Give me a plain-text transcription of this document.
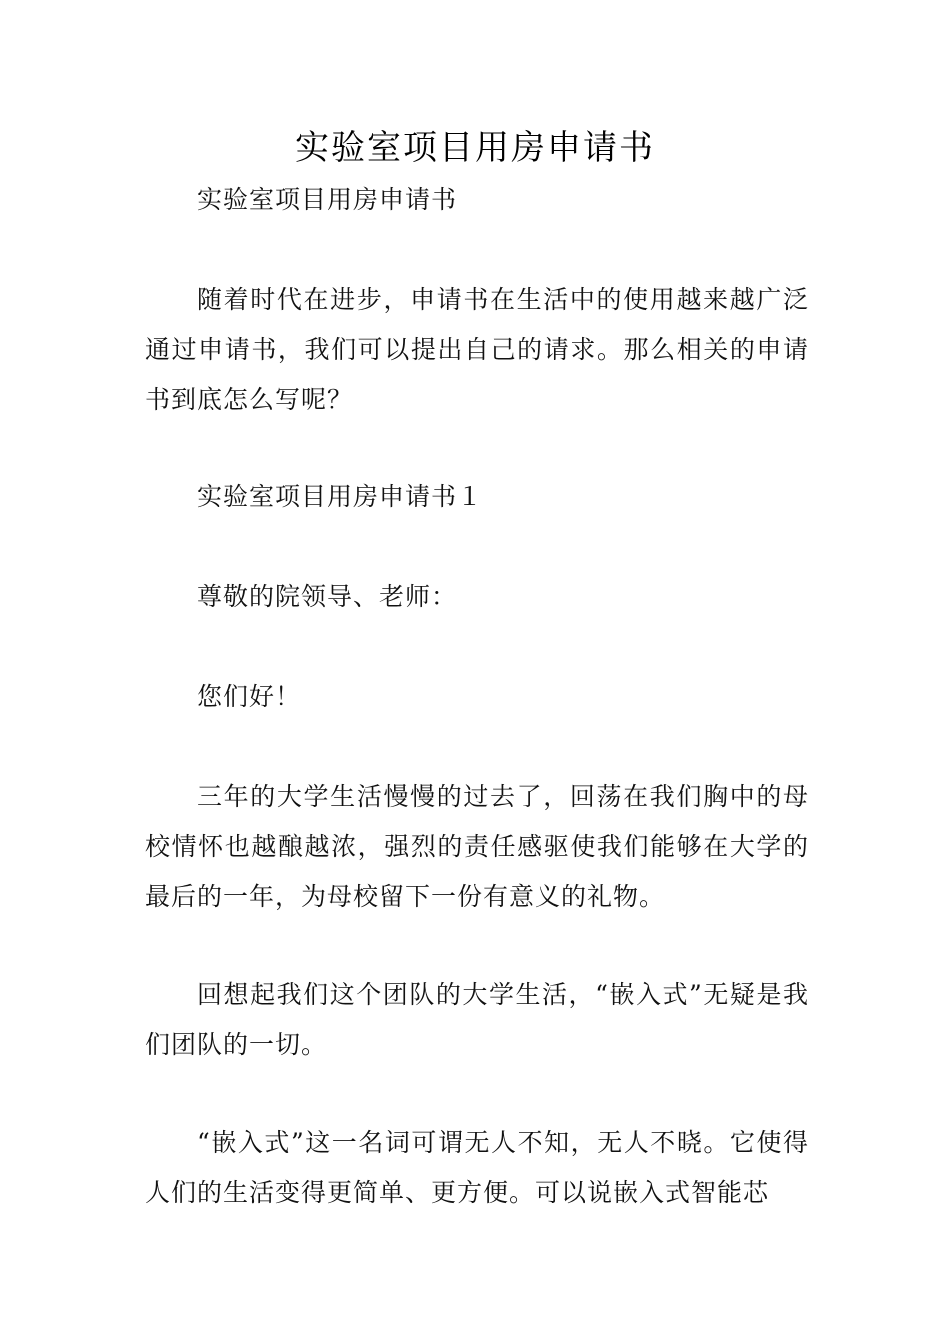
实验室项目用房申请书

实验室项目用房申请书

随着时代在进步，申请书在生活中的使用越来越广泛通过申请书，我们可以提出自己的请求。那么相关的申请书到底怎么写呢？

实验室项目用房申请书１

尊敬的院领导、老师：

您们好！

三年的大学生活慢慢的过去了，回荡在我们胸中的母校情怀也越酿越浓，强烈的责任感驱使我们能够在大学的最后的一年，为母校留下一份有意义的礼物。

回想起我们这个团队的大学生活，“嵌入式”无疑是我们团队的一切。

“嵌入式”这一名词可谓无人不知，无人不晓。它使得人们的生活变得更简单、更方便。可以说嵌入式智能芯
